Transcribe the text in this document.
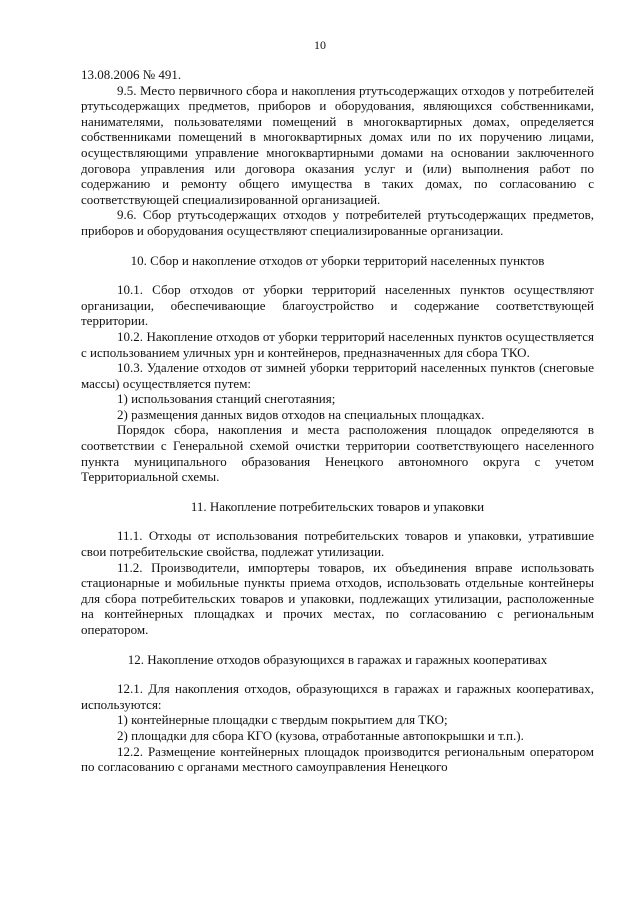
10

13.08.2006 № 491.

9.5. Место первичного сбора и накопления ртутьсодержащих отходов у потребителей ртутьсодержащих предметов, приборов и оборудования, являющихся собственниками, нанимателями, пользователями помещений в многоквартирных домах, определяется собственниками помещений в многоквартирных домах или по их поручению лицами, осуществляющими управление многоквартирными домами на основании заключенного договора управления или договора оказания услуг и (или) выполнения работ по содержанию и ремонту общего имущества в таких домах, по согласованию с соответствующей специализированной организацией.

9.6. Сбор ртутьсодержащих отходов у потребителей ртутьсодержащих предметов, приборов и оборудования осуществляют специализированные организации.

10. Сбор и накопление отходов от уборки территорий населенных пунктов

10.1. Сбор отходов от уборки территорий населенных пунктов осуществляют организации, обеспечивающие благоустройство и содержание соответствующей территории.

10.2. Накопление отходов от уборки территорий населенных пунктов осуществляется с использованием уличных урн и контейнеров, предназначенных для сбора ТКО.

10.3. Удаление отходов от зимней уборки территорий населенных пунктов (снеговые массы) осуществляется путем:

1) использования станций снеготаяния;

2) размещения данных видов отходов на специальных площадках.

Порядок сбора, накопления и места расположения площадок определяются в соответствии с Генеральной схемой очистки территории соответствующего населенного пункта муниципального образования Ненецкого автономного округа с учетом Территориальной схемы.

11. Накопление потребительских товаров и упаковки

11.1. Отходы от использования потребительских товаров и упаковки, утратившие свои потребительские свойства, подлежат утилизации.

11.2. Производители, импортеры товаров, их объединения вправе использовать стационарные и мобильные пункты приема отходов, использовать отдельные контейнеры для сбора потребительских товаров и упаковки, подлежащих утилизации, расположенные на контейнерных площадках и прочих местах, по согласованию с региональным оператором.

12. Накопление отходов образующихся в гаражах и гаражных кооперативах

12.1. Для накопления отходов, образующихся в гаражах и гаражных кооперативах, используются:

1) контейнерные площадки с твердым покрытием для ТКО;

2) площадки для сбора КГО (кузова, отработанные автопокрышки и т.п.).

12.2. Размещение контейнерных площадок производится региональным оператором по согласованию с органами местного самоуправления Ненецкого
